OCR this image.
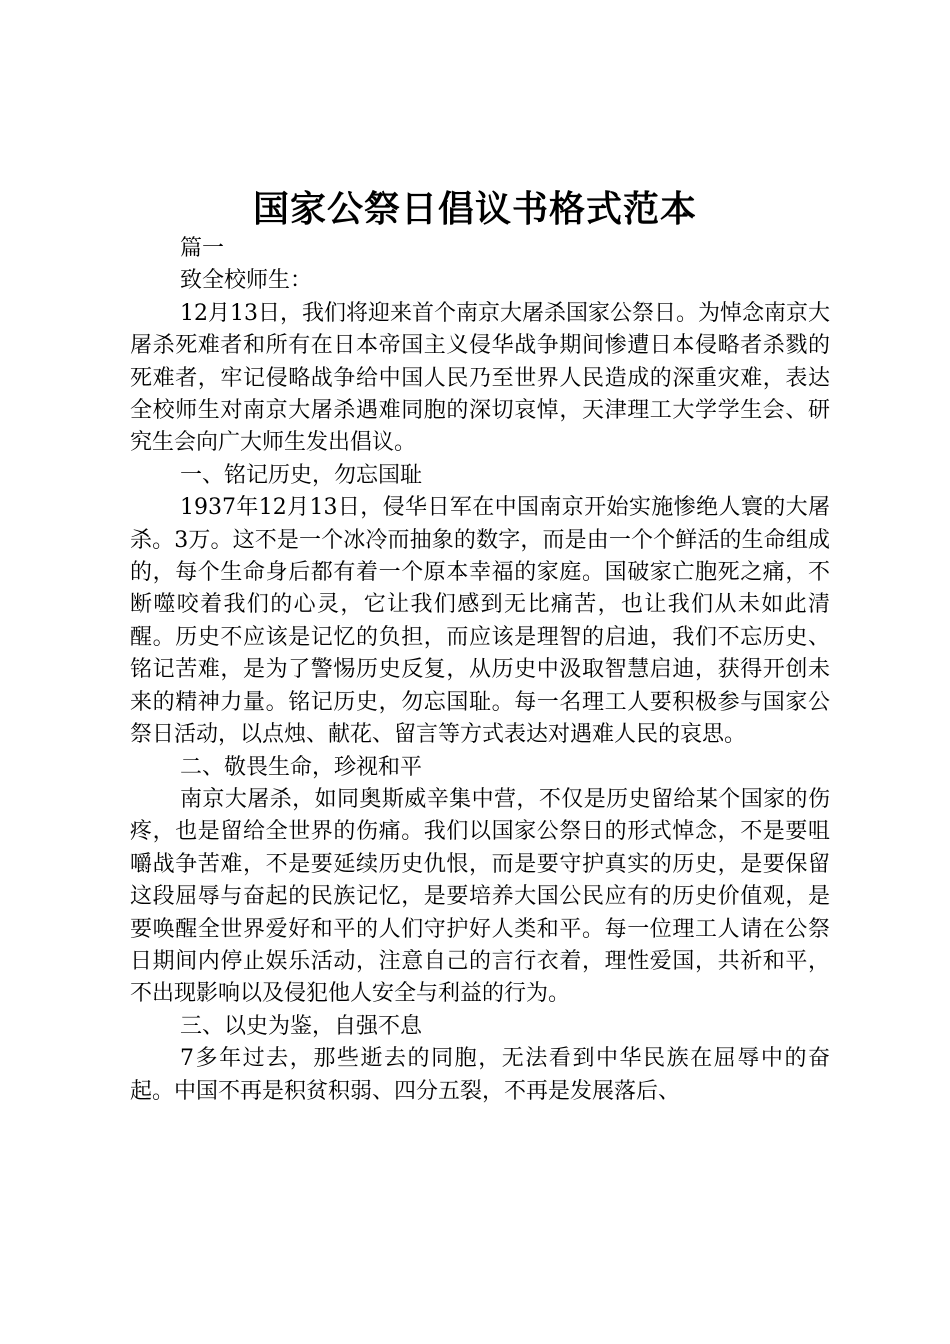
国家公祭日倡议书格式范本

篇一

致全校师生：

12月13日，我们将迎来首个南京大屠杀国家公祭日。为悼念南京大屠杀死难者和所有在日本帝国主义侵华战争期间惨遭日本侵略者杀戮的死难者，牢记侵略战争给中国人民乃至世界人民造成的深重灾难，表达全校师生对南京大屠杀遇难同胞的深切哀悼，天津理工大学学生会、研究生会向广大师生发出倡议。

一、铭记历史，勿忘国耻

1937年12月13日，侵华日军在中国南京开始实施惨绝人寰的大屠杀。3万。这不是一个冰冷而抽象的数字，而是由一个个鲜活的生命组成的，每个生命身后都有着一个原本幸福的家庭。国破家亡胞死之痛，不断噬咬着我们的心灵，它让我们感到无比痛苦，也让我们从未如此清醒。历史不应该是记忆的负担，而应该是理智的启迪，我们不忘历史、铭记苦难，是为了警惕历史反复，从历史中汲取智慧启迪，获得开创未来的精神力量。铭记历史，勿忘国耻。每一名理工人要积极参与国家公祭日活动，以点烛、献花、留言等方式表达对遇难人民的哀思。

二、敬畏生命，珍视和平

南京大屠杀，如同奥斯威辛集中营，不仅是历史留给某个国家的伤疼，也是留给全世界的伤痛。我们以国家公祭日的形式悼念，不是要咀嚼战争苦难，不是要延续历史仇恨，而是要守护真实的历史，是要保留这段屈辱与奋起的民族记忆，是要培养大国公民应有的历史价值观，是要唤醒全世界爱好和平的人们守护好人类和平。每一位理工人请在公祭日期间内停止娱乐活动，注意自己的言行衣着，理性爱国，共祈和平，不出现影响以及侵犯他人安全与利益的行为。

三、以史为鉴，自强不息

7多年过去，那些逝去的同胞，无法看到中华民族在屈辱中的奋起。中国不再是积贫积弱、四分五裂，不再是发展落后、
